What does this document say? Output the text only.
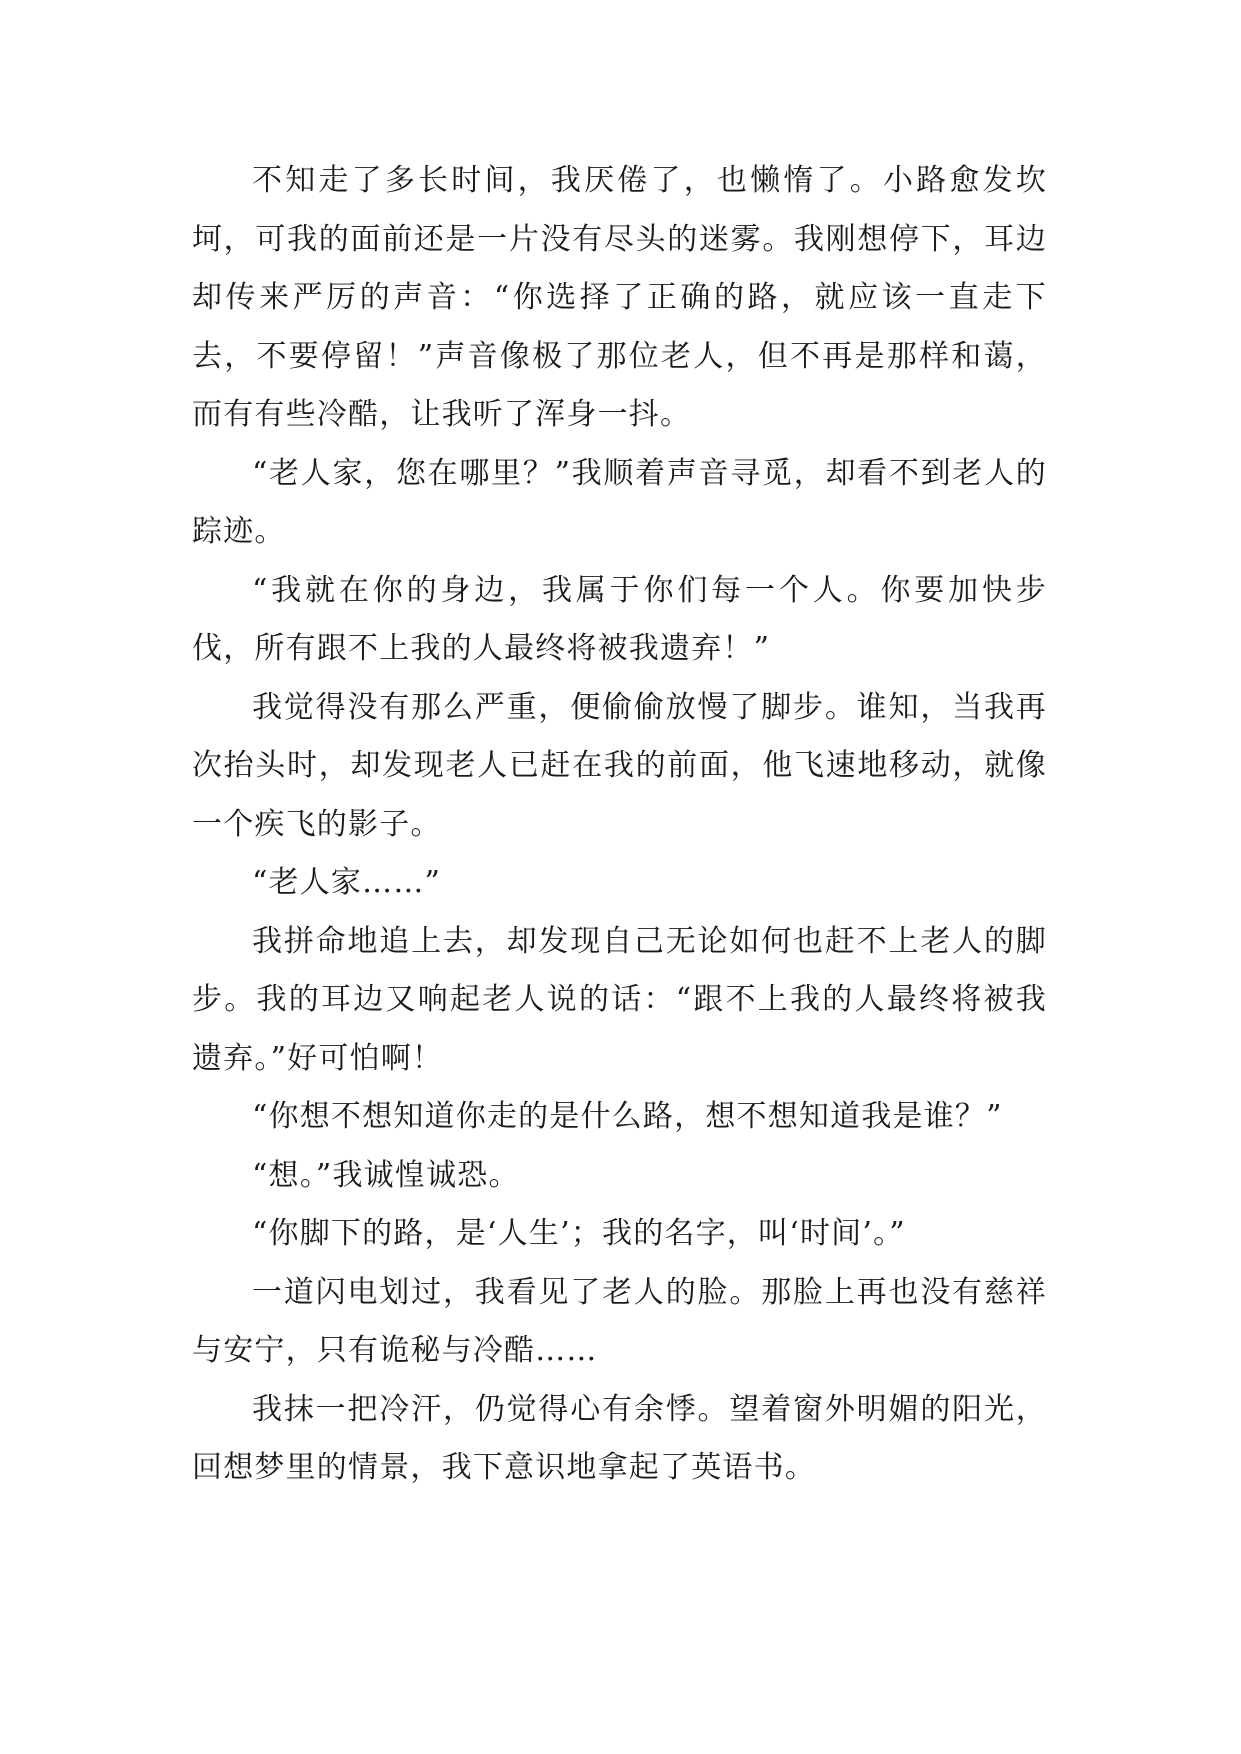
不知走了多长时间，我厌倦了，也懒惰了。小路愈发坎坷，可我的面前还是一片没有尽头的迷雾。我刚想停下，耳边却传来严厉的声音：“你选择了正确的路，就应该一直走下去，不要停留！”声音像极了那位老人，但不再是那样和蔼，而有有些冷酷，让我听了浑身一抖。

“老人家，您在哪里？”我顺着声音寻觅，却看不到老人的踪迹。

“我就在你的身边，我属于你们每一个人。你要加快步伐，所有跟不上我的人最终将被我遗弃！”

我觉得没有那么严重，便偷偷放慢了脚步。谁知，当我再次抬头时，却发现老人已赶在我的前面，他飞速地移动，就像一个疾飞的影子。

“老人家……”

我拼命地追上去，却发现自己无论如何也赶不上老人的脚步。我的耳边又响起老人说的话：“跟不上我的人最终将被我遗弃。”好可怕啊！

“你想不想知道你走的是什么路，想不想知道我是谁？”

“想。”我诚惶诚恐。

“你脚下的路，是‘人生’；我的名字，叫‘时间’。”

一道闪电划过，我看见了老人的脸。那脸上再也没有慈祥与安宁，只有诡秘与冷酷……

我抹一把冷汗，仍觉得心有余悸。望着窗外明媚的阳光，回想梦里的情景，我下意识地拿起了英语书。
